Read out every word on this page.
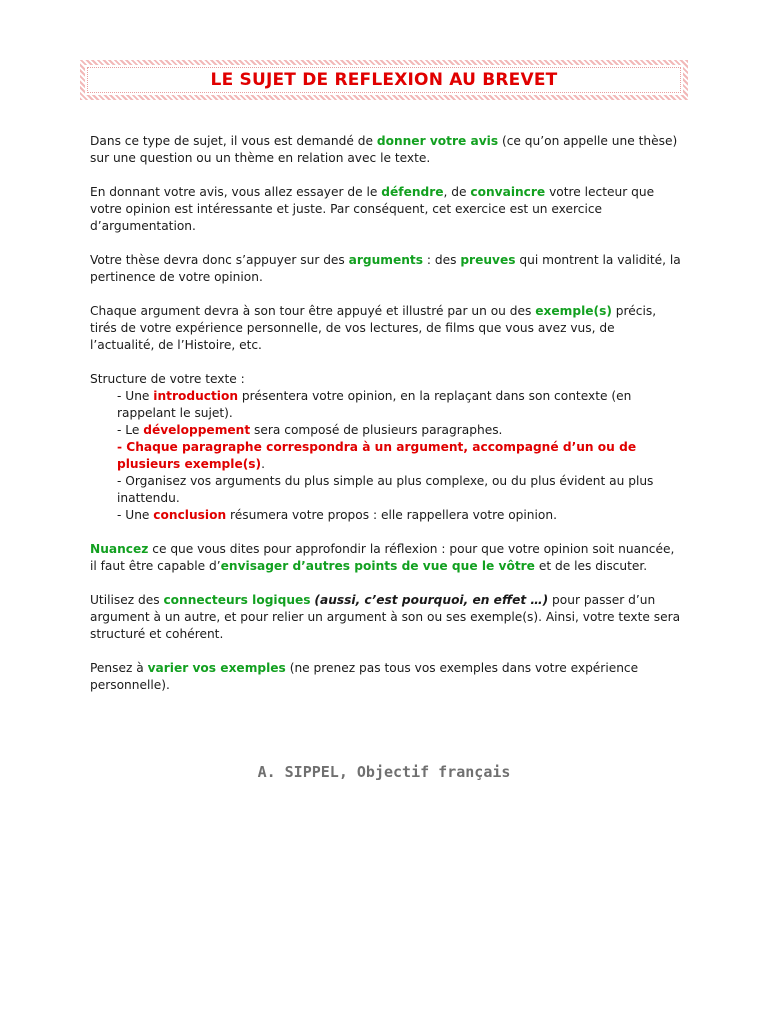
LE SUJET DE REFLEXION AU BREVET

Dans ce type de sujet, il vous est demandé de donner votre avis (ce qu’on appelle une thèse) sur une question ou un thème en relation avec le texte.

En donnant votre avis, vous allez essayer de le défendre, de convaincre votre lecteur que votre opinion est intéressante et juste. Par conséquent, cet exercice est un exercice d’argumentation.

Votre thèse devra donc s’appuyer sur des arguments : des preuves qui montrent la validité, la pertinence de votre opinion.

Chaque argument devra à son tour être appuyé et illustré par un ou des exemple(s) précis, tirés de votre expérience personnelle, de vos lectures, de films que vous avez vus, de l’actualité, de l’Histoire, etc.

Structure de votre texte :
- Une introduction présentera votre opinion, en la replaçant dans son contexte (en rappelant le sujet).
- Le développement sera composé de plusieurs paragraphes.
- Chaque paragraphe correspondra à un argument, accompagné d’un ou de plusieurs exemple(s).
- Organisez vos arguments du plus simple au plus complexe, ou du plus évident au plus inattendu.
- Une conclusion résumera votre propos : elle rappellera votre opinion.

Nuancez ce que vous dites pour approfondir la réflexion : pour que votre opinion soit nuancée, il faut être capable d’envisager d’autres points de vue que le vôtre et de les discuter.

Utilisez des connecteurs logiques (aussi, c’est pourquoi, en effet …) pour passer d’un argument à un autre, et pour relier un argument à son ou ses exemple(s). Ainsi, votre texte sera structuré et cohérent.

Pensez à varier vos exemples (ne prenez pas tous vos exemples dans votre expérience personnelle).

A. SIPPEL, Objectif français
